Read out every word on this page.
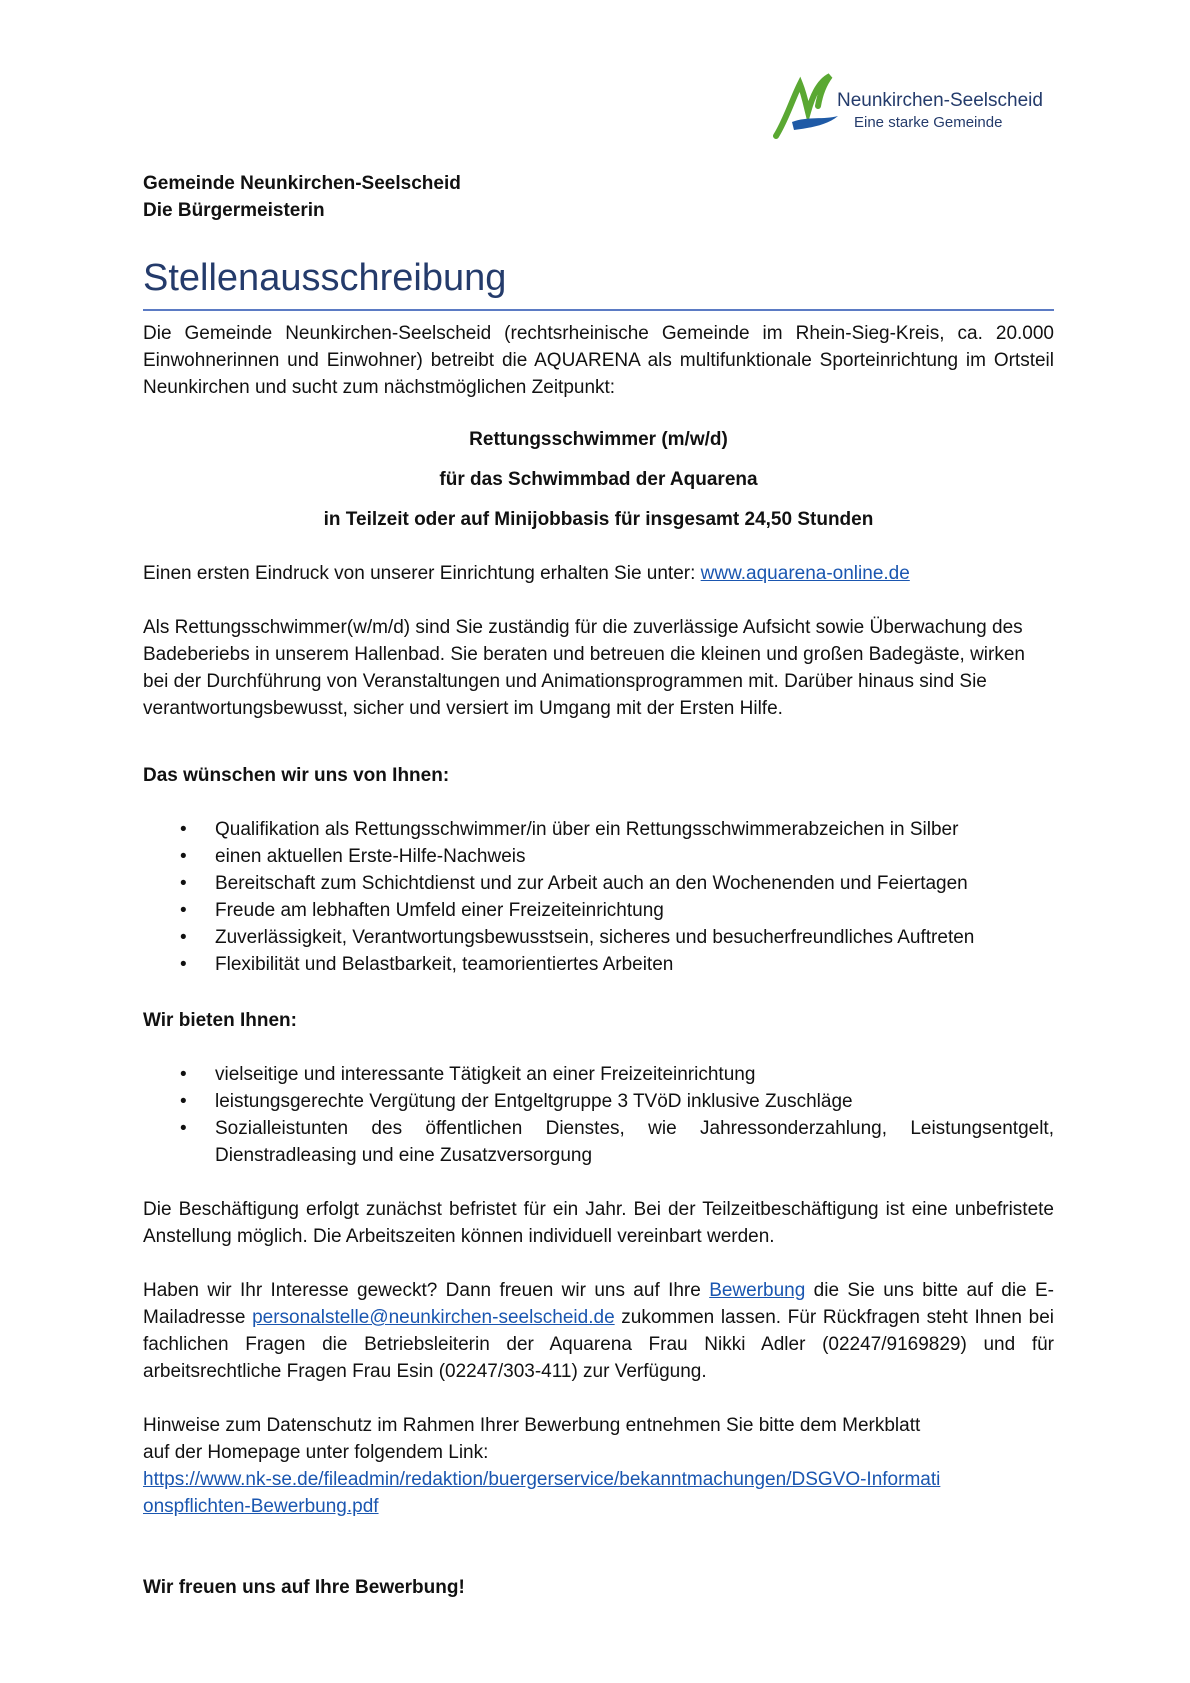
Neunkirchen-Seelscheid
Eine starke Gemeinde

Gemeinde Neunkirchen-Seelscheid

Die Bürgermeisterin

Stellenausschreibung
Die Gemeinde Neunkirchen-Seelscheid (rechtsrheinische Gemeinde im Rhein-Sieg-Kreis, ca. 20.000 Einwohnerinnen und Einwohner) betreibt die AQUARENA als multifunktionale Sporteinrichtung im Ortsteil Neunkirchen und sucht zum nächstmöglichen Zeitpunkt:

Rettungsschwimmer (m/w/d)

für das Schwimmbad der Aquarena

in Teilzeit oder auf Minijobbasis für insgesamt 24,50 Stunden

Einen ersten Eindruck von unserer Einrichtung erhalten Sie unter: www.aquarena-online.de
Als Rettungsschwimmer(w/m/d) sind Sie zuständig für die zuverlässige Aufsicht sowie Überwachung des Badeberiebs in unserem Hallenbad. Sie beraten und betreuen die kleinen und großen Badegäste, wirken bei der Durchführung von Veranstaltungen und Animationsprogrammen mit. Darüber hinaus sind Sie verantwortungsbewusst, sicher und versiert im Umgang mit der Ersten Hilfe.
Das wünschen wir uns von Ihnen:
• Qualifikation als Rettungsschwimmer/in über ein Rettungsschwimmerabzeichen in Silber
• einen aktuellen Erste-Hilfe-Nachweis
• Bereitschaft zum Schichtdienst und zur Arbeit auch an den Wochenenden und Feiertagen
• Freude am lebhaften Umfeld einer Freizeiteinrichtung
• Zuverlässigkeit, Verantwortungsbewusstsein, sicheres und besucherfreundliches Auftreten
• Flexibilität und Belastbarkeit, teamorientiertes Arbeiten
Wir bieten Ihnen:
• vielseitige und interessante Tätigkeit an einer Freizeiteinrichtung
• leistungsgerechte Vergütung der Entgeltgruppe 3 TVöD inklusive Zuschläge
• Sozialleistunten des öffentlichen Dienstes, wie Jahressonderzahlung, Leistungsentgelt, Dienstradleasing und eine Zusatzversorgung
Die Beschäftigung erfolgt zunächst befristet für ein Jahr. Bei der Teilzeitbeschäftigung ist eine unbefristete Anstellung möglich. Die Arbeitszeiten können individuell vereinbart werden.
Haben wir Ihr Interesse geweckt? Dann freuen wir uns auf Ihre Bewerbung die Sie uns bitte auf die E-Mailadresse personalstelle@neunkirchen-seelscheid.de zukommen lassen. Für Rückfragen steht Ihnen bei fachlichen Fragen die Betriebsleiterin der Aquarena Frau Nikki Adler (02247/9169829) und für arbeitsrechtliche Fragen Frau Esin (02247/303-411) zur Verfügung.

Hinweise zum Datenschutz im Rahmen Ihrer Bewerbung entnehmen Sie bitte dem Merkblatt

auf der Homepage unter folgendem Link:

https://www.nk-se.de/fileadmin/redaktion/buergerservice/bekanntmachungen/DSGVO-Informationspflichten-Bewerbung.pdf

Wir freuen uns auf Ihre Bewerbung!
